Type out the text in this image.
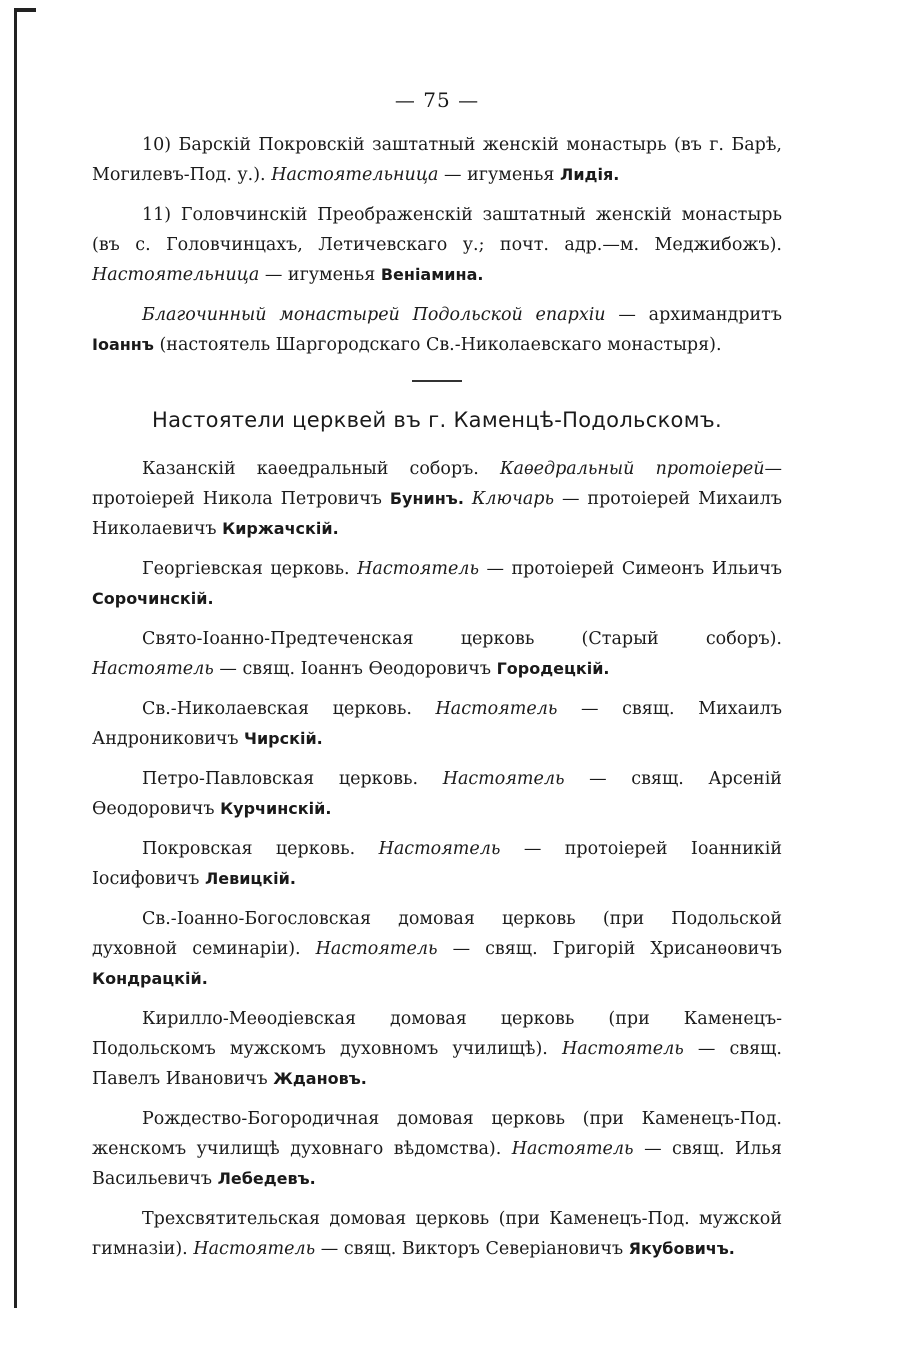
— 75 —

10) Барскій Покровскій заштатный женскій монастырь (въ г. Барѣ, Могилевъ-Под. у.). Настоятельница — игуменья Лидія.

11) Головчинскій Преображенскій заштатный женскій монастырь (въ с. Головчинцахъ, Летичевскаго у.; почт. адр.—м. Меджибожъ). Настоятельница — игуменья Веніамина.

Благочинный монастырей Подольской епархіи — архимандритъ Іоаннъ (настоятель Шаргородскаго Св.-Николаевскаго монастыря).

Настоятели церквей въ г. Каменцѣ-Подольскомъ.

Казанскій каѳедральный соборъ. Каѳедральный протоіерей— протоіерей Никола Петровичъ Бунинъ. Ключарь — протоіерей Михаилъ Николаевичъ Киржачскій.

Георгіевская церковь. Настоятель — протоіерей Симеонъ Ильичъ Сорочинскій.

Свято-Іоанно-Предтеченская церковь (Старый соборъ). Настоятель — свящ. Іоаннъ Ѳеодоровичъ Городецкій.

Св.-Николаевская церковь. Настоятель — свящ. Михаилъ Андрониковичъ Чирскій.

Петро-Павловская церковь. Настоятель — свящ. Арсеній Ѳеодоровичъ Курчинскій.

Покровская церковь. Настоятель — протоіерей Іоанникій Іосифовичъ Левицкій.

Св.-Іоанно-Богословская домовая церковь (при Подольской духовной семинаріи). Настоятель — свящ. Григорій Хрисанѳовичъ Кондрацкій.

Кирилло-Меѳодіевская домовая церковь (при Каменецъ-Подольскомъ мужскомъ духовномъ училищѣ). Настоятель — свящ. Павелъ Ивановичъ Ждановъ.

Рождество-Богородичная домовая церковь (при Каменецъ-Под. женскомъ училищѣ духовнаго вѣдомства). Настоятель — свящ. Илья Васильевичъ Лебедевъ.

Трехсвятительская домовая церковь (при Каменецъ-Под. мужской гимназіи). Настоятель — свящ. Викторъ Северіановичъ Якубовичъ.
